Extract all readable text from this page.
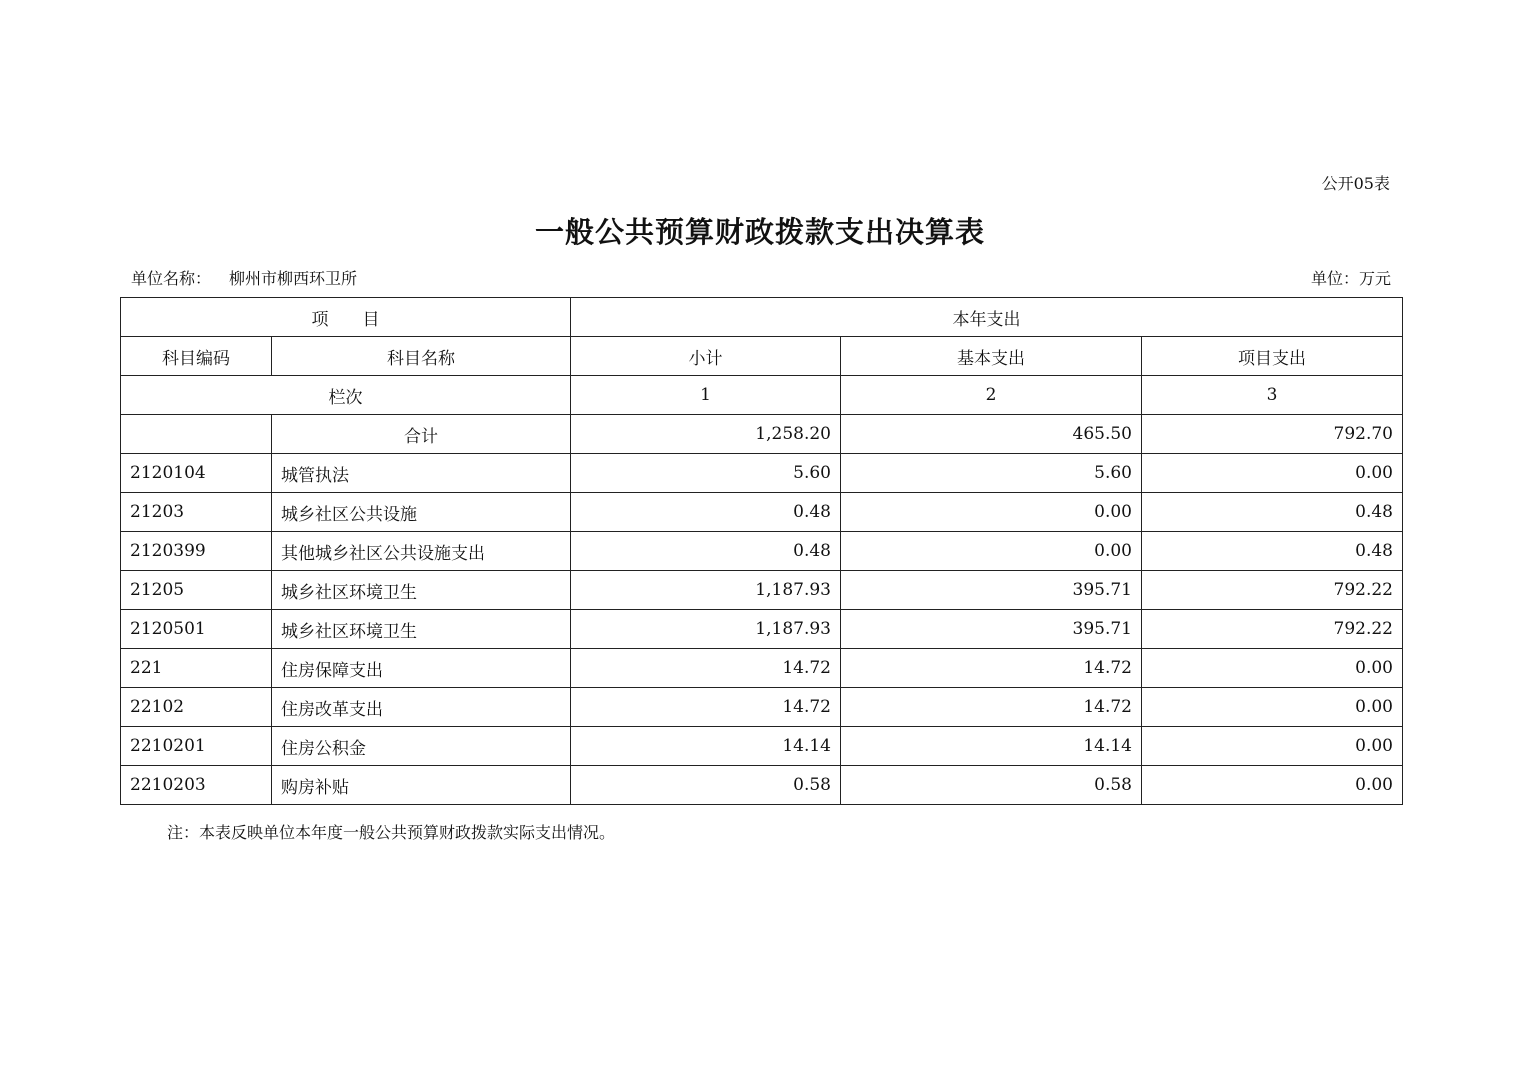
公开05表
一般公共预算财政拨款支出决算表
单位名称： 柳州市柳西环卫所	单位：万元
项　　目		本年支出		
科目编码	科目名称	小计	基本支出	项目支出
栏次		1	2	3
	合计	1,258.20	465.50	792.70
2120104	城管执法	5.60	5.60	0.00
21203	城乡社区公共设施	0.48	0.00	0.48
2120399	其他城乡社区公共设施支出	0.48	0.00	0.48
21205	城乡社区环境卫生	1,187.93	395.71	792.22
2120501	城乡社区环境卫生	1,187.93	395.71	792.22
221	住房保障支出	14.72	14.72	0.00
22102	住房改革支出	14.72	14.72	0.00
2210201	住房公积金	14.14	14.14	0.00
2210203	购房补贴	0.58	0.58	0.00
注：本表反映单位本年度一般公共预算财政拨款实际支出情况。
